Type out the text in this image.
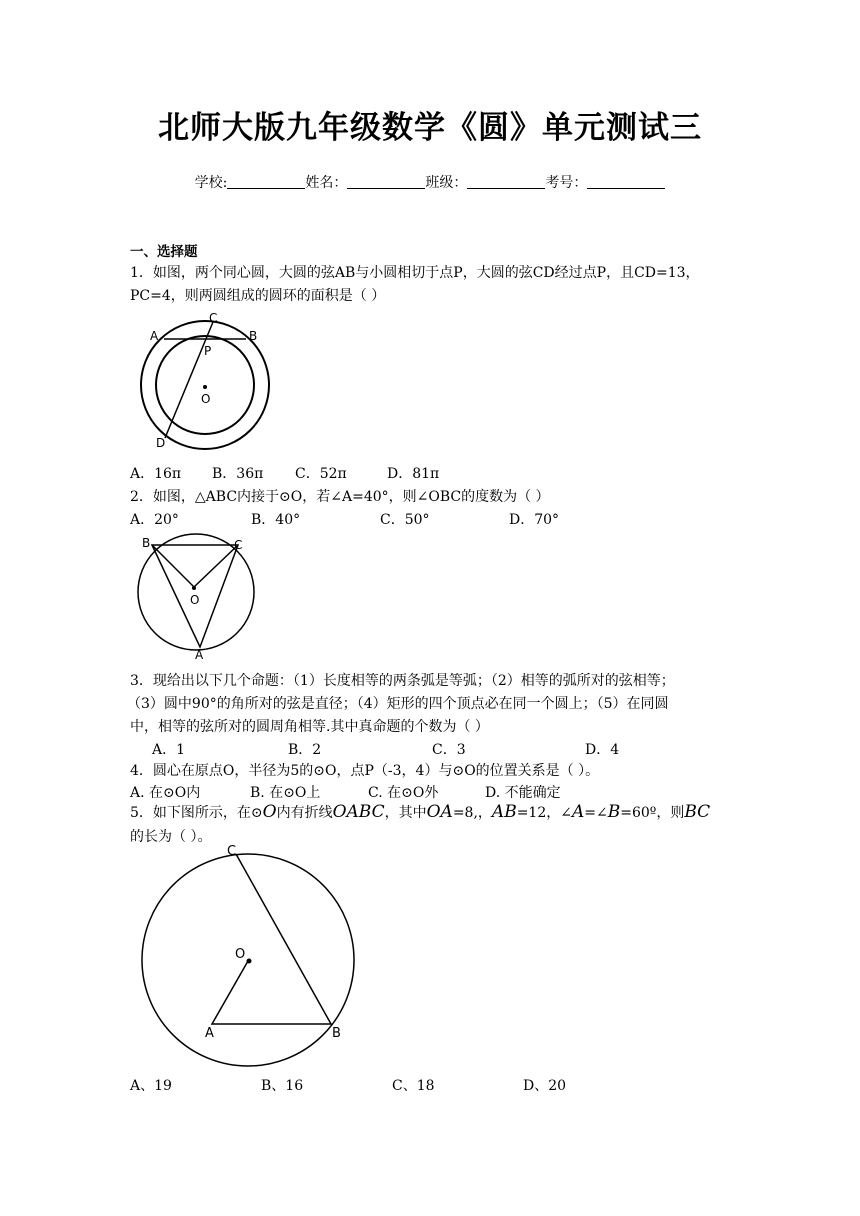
北师大版九年级数学《圆》单元测试三
学校:	姓名：	班级：	考号：
一、选择题
1．如图，两个同心圆，大圆的弦AB与小圆相切于点P，大圆的弦CD经过点P，且CD=13，
PC=4，则两圆组成的圆环的面积是（ ）
A	B
C
P
O
D
A．16π B．36π C．52π	D．81π
2．如图，△ABC内接于⊙O，若∠A=40°，则∠OBC的度数为（ ）
A．20°	B．40°	C．50°	D．70°
B	C
O
A
3．现给出以下几个命题：（1）长度相等的两条弧是等弧；（2）相等的弧所对的弦相等；
（3）圆中90°的角所对的弦是直径；（4）矩形的四个顶点必在同一个圆上；（5）在同圆
中，相等的弦所对的圆周角相等.其中真命题的个数为（ ）
A．1	B．2	C．3	D．4
4．圆心在原点O，半径为5的⊙O，点P（-3，4）与⊙O的位置关系是（ ）。
A. 在⊙O内	B. 在⊙O上	C. 在⊙O外	D. 不能确定
5．如下图所示，在⊙O内有折线OABC，其中OA=8,，AB=12，∠A=∠B=60º，则BC
的长为（ ）。
C
O
A	B
A、19	B、16	C、18	D、20
